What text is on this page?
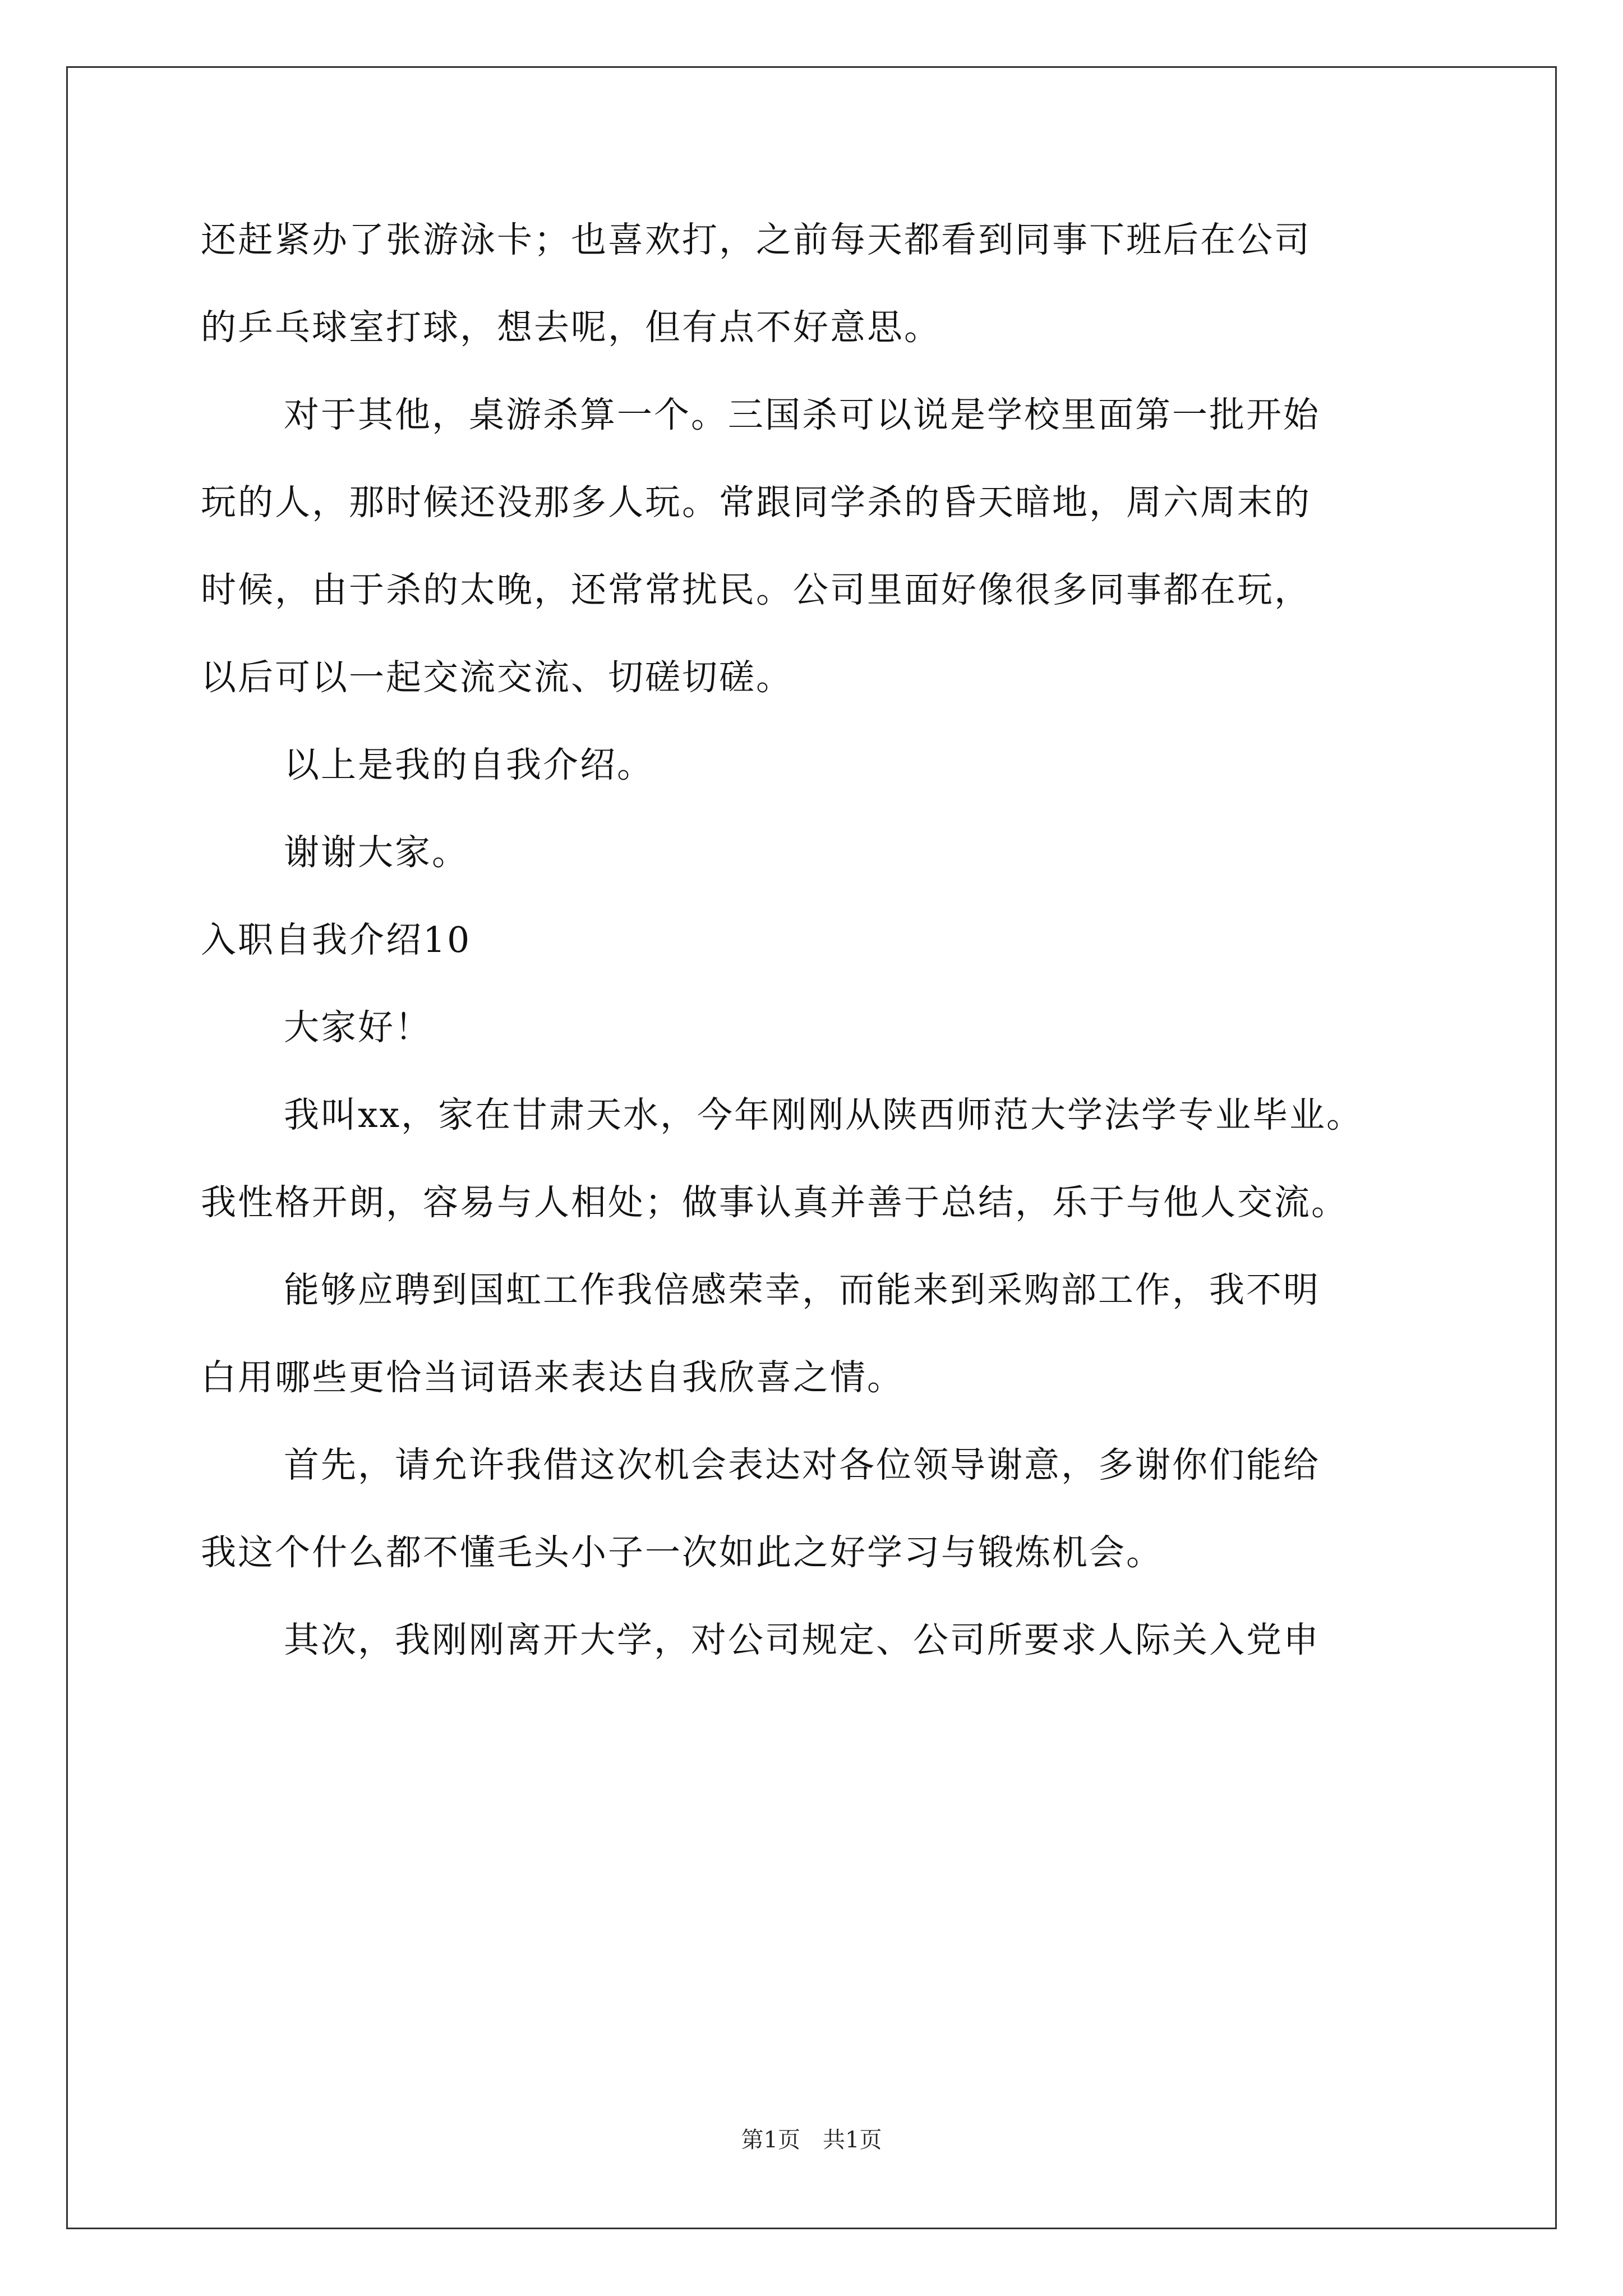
还赶紧办了张游泳卡；也喜欢打，之前每天都看到同事下班后在公司
的乒乓球室打球，想去呢，但有点不好意思。
对于其他，桌游杀算一个。三国杀可以说是学校里面第一批开始
玩的人，那时候还没那多人玩。常跟同学杀的昏天暗地，周六周末的
时候，由于杀的太晚，还常常扰民。公司里面好像很多同事都在玩，
以后可以一起交流交流、切磋切磋。
以上是我的自我介绍。
谢谢大家。
入职自我介绍10
大家好！
我叫xx，家在甘肃天水，今年刚刚从陕西师范大学法学专业毕业。
我性格开朗，容易与人相处；做事认真并善于总结，乐于与他人交流。
能够应聘到国虹工作我倍感荣幸，而能来到采购部工作，我不明
白用哪些更恰当词语来表达自我欣喜之情。
首先，请允许我借这次机会表达对各位领导谢意，多谢你们能给
我这个什么都不懂毛头小子一次如此之好学习与锻炼机会。
其次，我刚刚离开大学，对公司规定、公司所要求人际关入党申
第1页 共1页
